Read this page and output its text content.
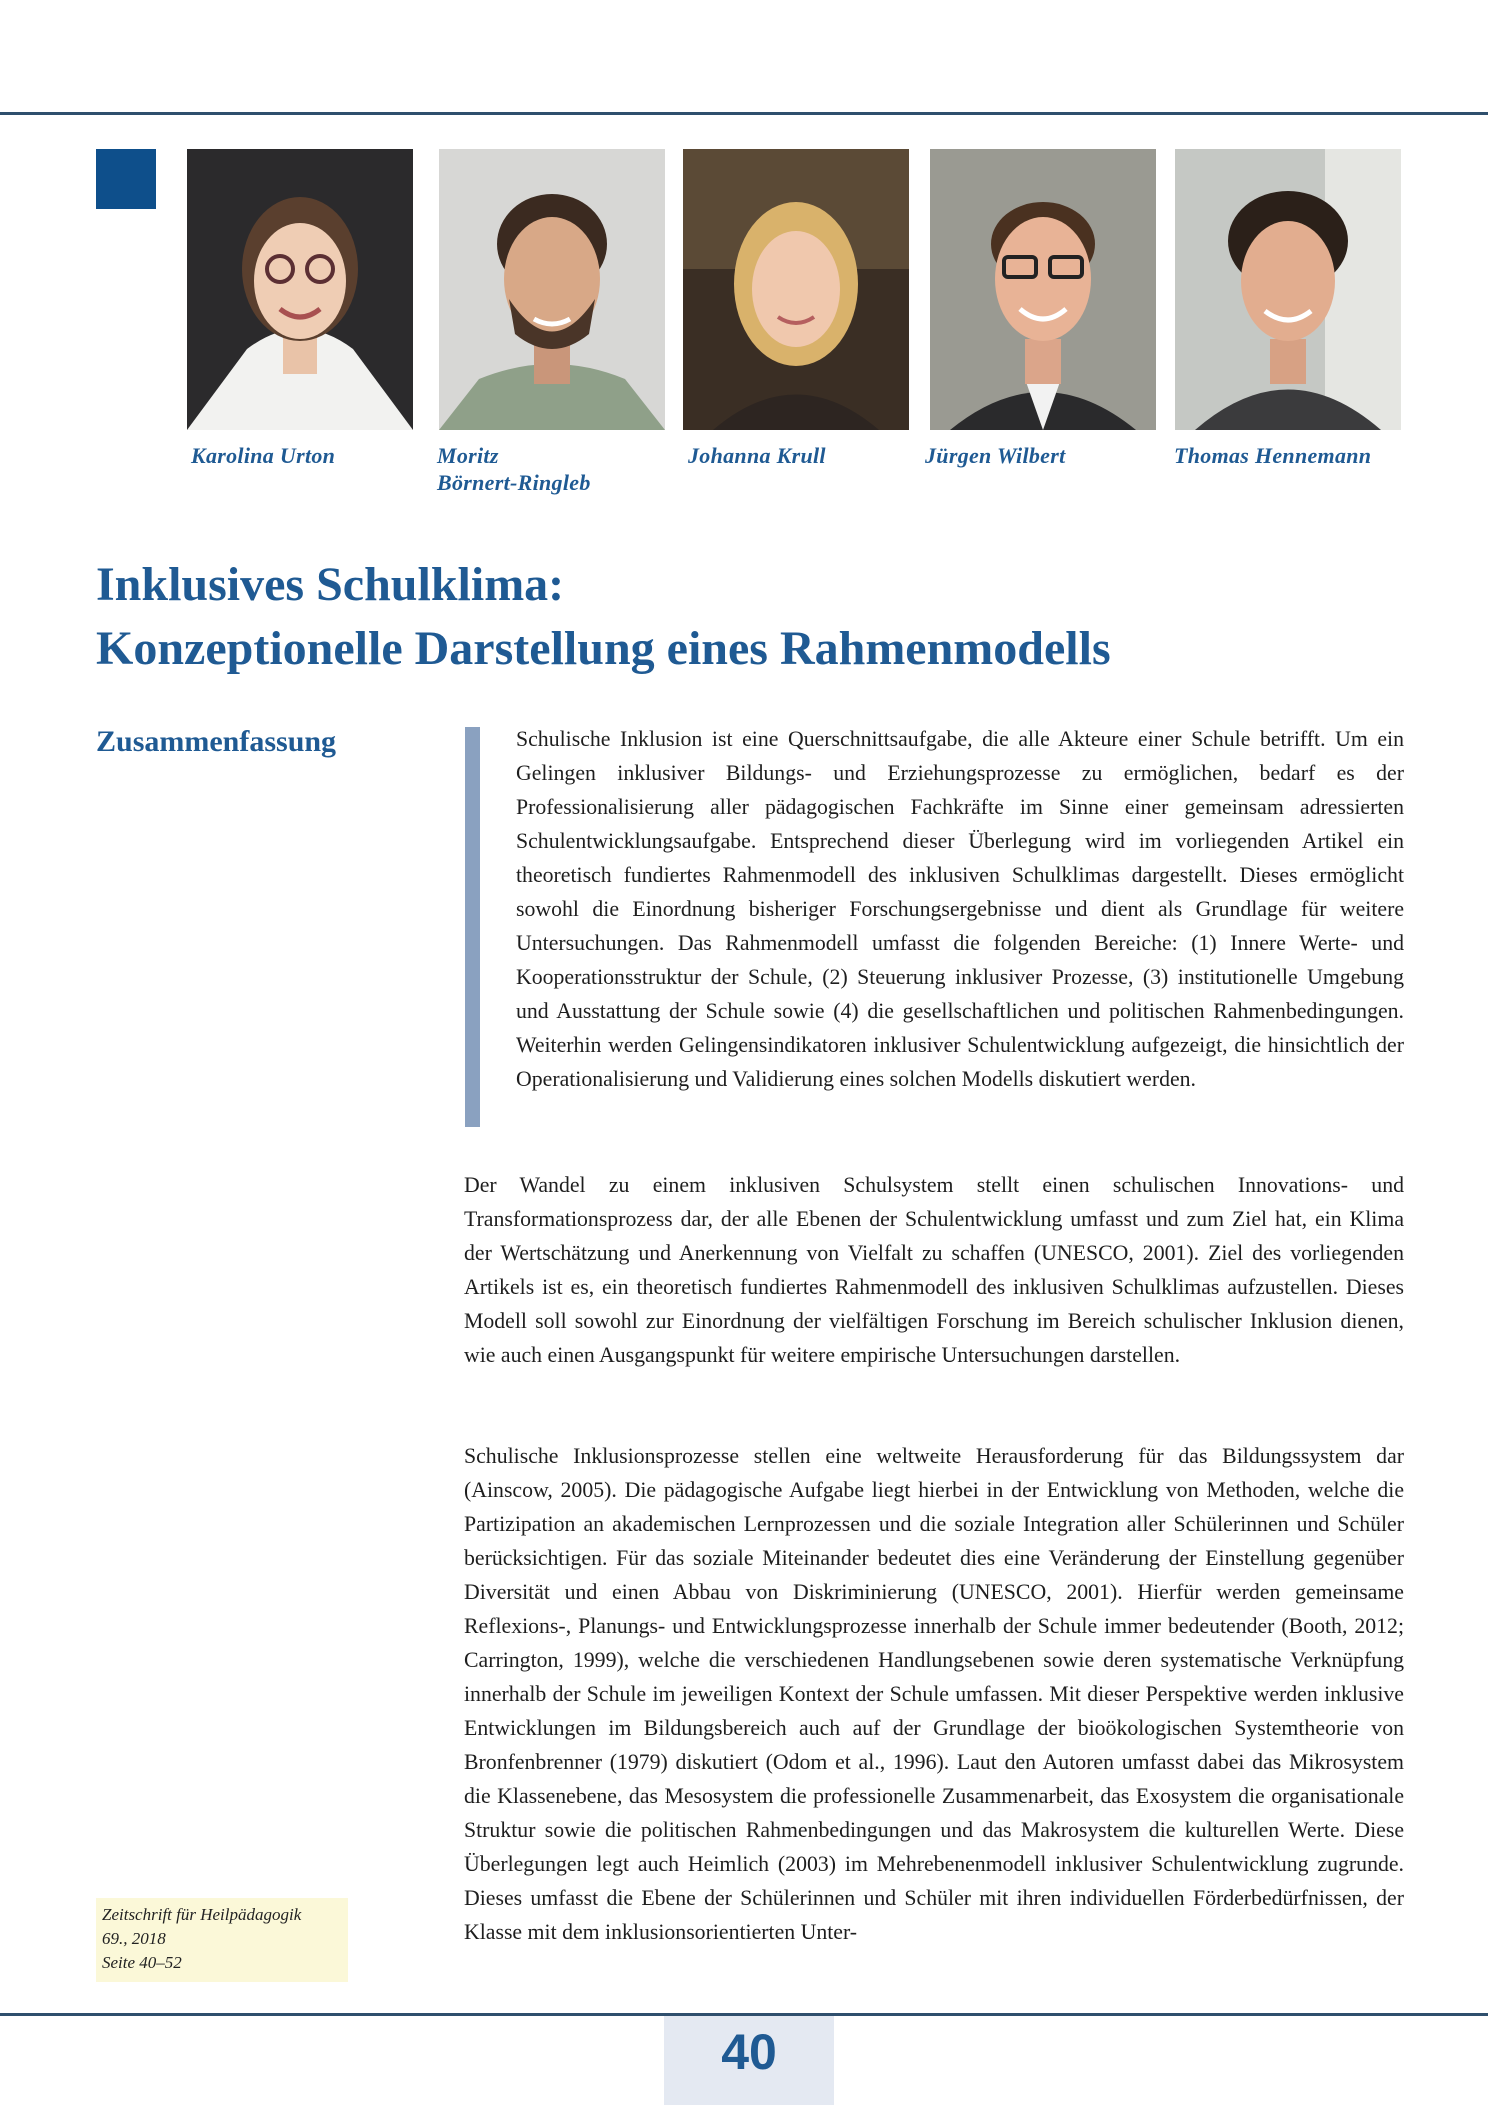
Karolina Urton	Moritz
Börnert-Ringleb
Johanna Krull	Jürgen Wilbert	Thomas Hennemann
Inklusives Schulklima:
Konzeptionelle Darstellung eines Rahmenmodells
Zusammenfassung	Schulische Inklusion ist eine Querschnittsaufgabe, die alle Akteure einer Schule betrifft. Um ein Gelingen inklusiver Bildungs- und Erziehungsprozesse zu ermöglichen, bedarf es der Professionalisierung aller pädagogischen Fachkräfte im Sinne einer gemeinsam adressierten Schulentwicklungsaufgabe. Entsprechend dieser Überlegung wird im vorliegenden Artikel ein theoretisch fundiertes Rahmenmodell des inklusiven Schulklimas dargestellt. Dieses ermöglicht sowohl die Einordnung bisheriger Forschungsergebnisse und dient als Grundlage für weitere Untersuchungen. Das Rahmenmodell umfasst die folgenden Bereiche: (1) Innere Werte- und Kooperationsstruktur der Schule, (2) Steuerung inklusiver Prozesse, (3) institutionelle Umgebung und Ausstattung der Schule sowie (4) die gesellschaftlichen und politischen Rahmenbedingungen. Weiterhin werden Gelingensindikatoren inklusiver Schulentwicklung aufgezeigt, die hinsichtlich der Operationalisierung und Validierung eines solchen Modells diskutiert werden.

Der Wandel zu einem inklusiven Schulsystem stellt einen schulischen Innovations- und Transformationsprozess dar, der alle Ebenen der Schulentwicklung umfasst und zum Ziel hat, ein Klima der Wertschätzung und Anerkennung von Vielfalt zu schaffen (UNESCO, 2001). Ziel des vorliegenden Artikels ist es, ein theoretisch fundiertes Rahmenmodell des inklusiven Schulklimas aufzustellen. Dieses Modell soll sowohl zur Einordnung der vielfältigen Forschung im Bereich schulischer Inklusion dienen, wie auch einen Ausgangspunkt für weitere empirische Untersuchungen darstellen.

Schulische Inklusionsprozesse stellen eine weltweite Herausforderung für das Bildungssystem dar (Ainscow, 2005). Die pädagogische Aufgabe liegt hierbei in der Entwicklung von Methoden, welche die Partizipation an akademischen Lernprozessen und die soziale Integration aller Schülerinnen und Schüler berücksichtigen. Für das soziale Miteinander bedeutet dies eine Veränderung der Einstellung gegenüber Diversität und einen Abbau von Diskriminierung (UNESCO, 2001). Hierfür werden gemeinsame Reflexions-, Planungs- und Entwicklungsprozesse innerhalb der Schule immer bedeutender (Booth, 2012; Carrington, 1999), welche die verschiedenen Handlungsebenen sowie deren systematische Verknüpfung innerhalb der Schule im jeweiligen Kontext der Schule umfassen. Mit dieser Perspektive werden inklusive Entwicklungen im Bildungsbereich auch auf der Grundlage der bioökologischen Systemtheorie von Bronfenbrenner (1979) diskutiert (Odom et al., 1996). Laut den Autoren umfasst dabei das Mikrosystem die Klassenebene, das Mesosystem die professionelle Zusammenarbeit, das Exosystem die organisationale Struktur sowie die politischen Rahmenbedingungen und das Makrosystem die kulturellen Werte. Diese Überlegungen legt auch Heimlich (2003) im Mehrebenenmodell inklusiver Schulentwicklung zugrunde. Dieses umfasst die Ebene der Schülerinnen und Schüler mit ihren individuellen Förderbedürfnissen, der Klasse mit dem inklusionsorientierten Unter-

Zeitschrift für Heilpädagogik
69., 2018
Seite 40–52
40
